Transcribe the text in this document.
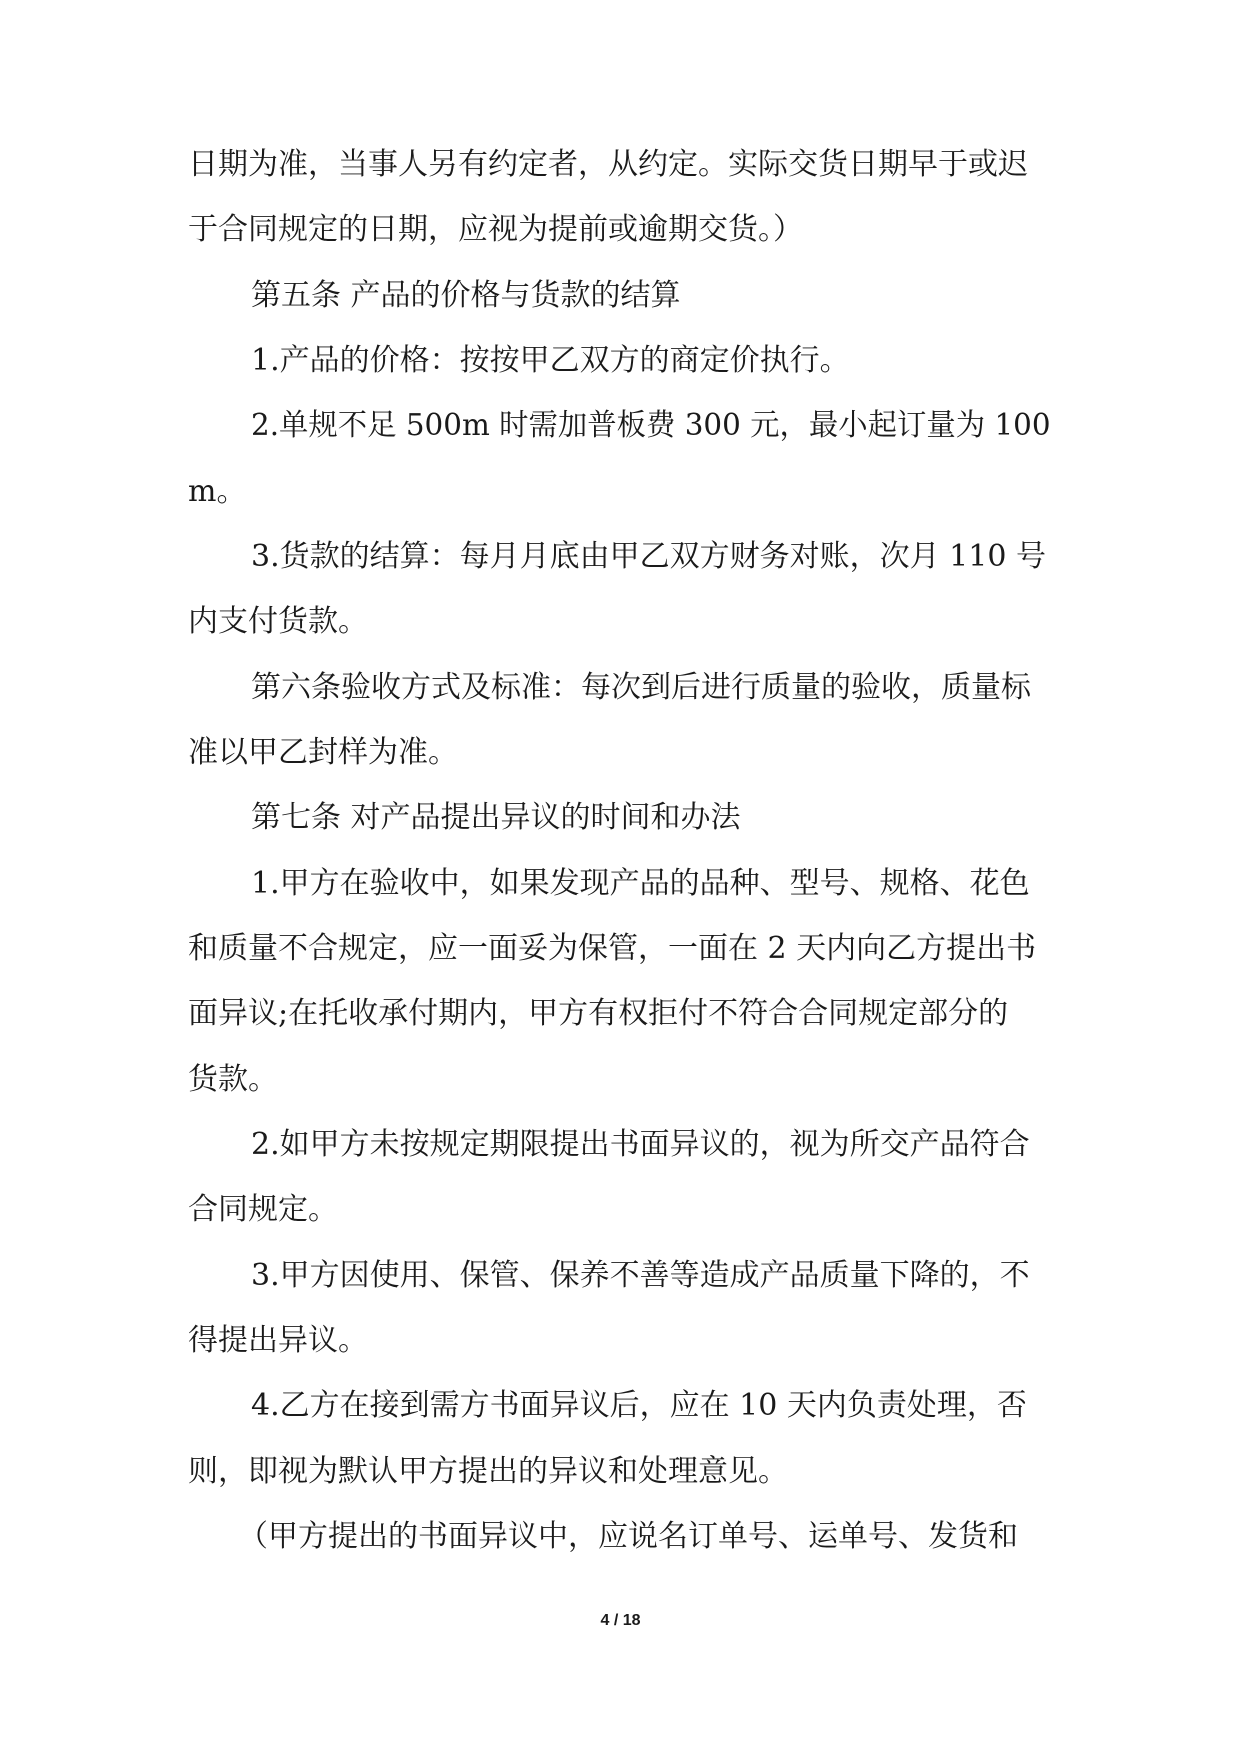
日期为准，当事人另有约定者，从约定。实际交货日期早于或迟
于合同规定的日期，应视为提前或逾期交货。）
第五条 产品的价格与货款的结算
1.产品的价格：按按甲乙双方的商定价执行。
2.单规不足 500m 时需加普板费 300 元，最小起订量为 100
m。
3.货款的结算：每月月底由甲乙双方财务对账，次月 110 号
内支付货款。
第六条验收方式及标准：每次到后进行质量的验收，质量标
准以甲乙封样为准。
第七条 对产品提出异议的时间和办法
1.甲方在验收中，如果发现产品的品种、型号、规格、花色
和质量不合规定，应一面妥为保管，一面在 2 天内向乙方提出书
面异议;在托收承付期内，甲方有权拒付不符合合同规定部分的
货款。
2.如甲方未按规定期限提出书面异议的，视为所交产品符合
合同规定。
3.甲方因使用、保管、保养不善等造成产品质量下降的，不
得提出异议。
4.乙方在接到需方书面异议后，应在 10 天内负责处理，否
则，即视为默认甲方提出的异议和处理意见。
（甲方提出的书面异议中，应说名订单号、运单号、发货和
4 / 18
